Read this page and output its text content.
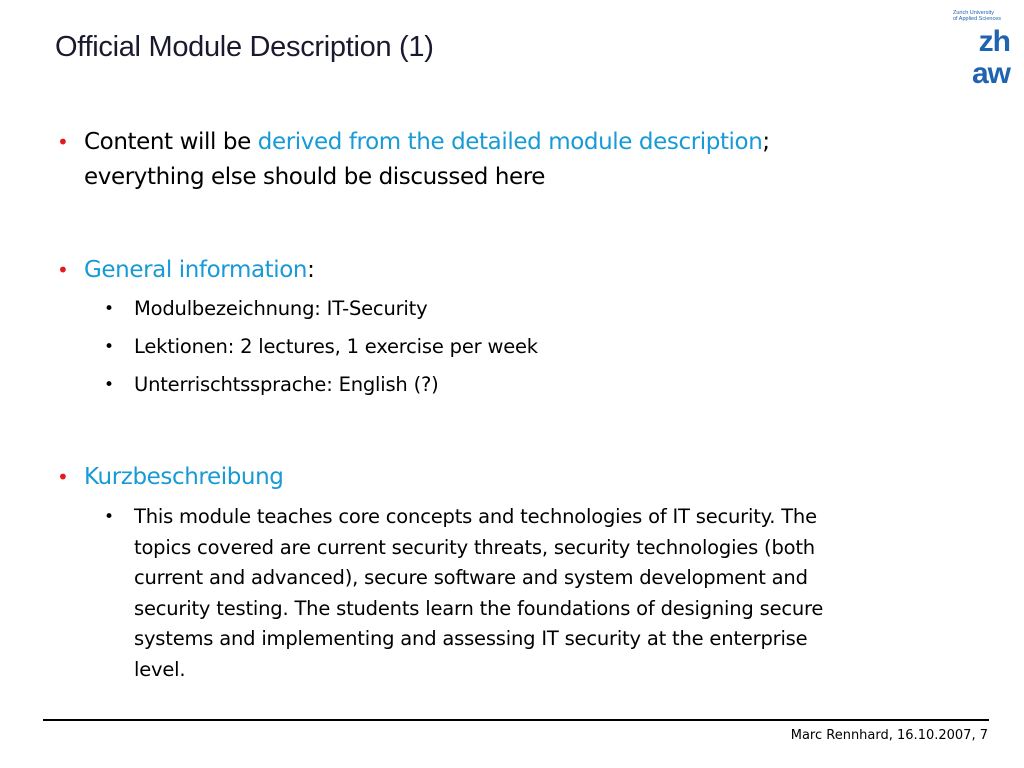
Official Module Description (1)
Zurich University
of Applied Sciences
zh
aw
• Content will be derived from the detailed module description;
everything else should be discussed here
• General information:
• Modulbezeichnung: IT-Security
• Lektionen: 2 lectures, 1 exercise per week
• Unterrischtssprache: English (?)
• Kurzbeschreibung
• This module teaches core concepts and technologies of IT security. The
topics covered are current security threats, security technologies (both
current and advanced), secure software and system development and
security testing. The students learn the foundations of designing secure
systems and implementing and assessing IT security at the enterprise
level.
Marc Rennhard, 16.10.2007, 7
